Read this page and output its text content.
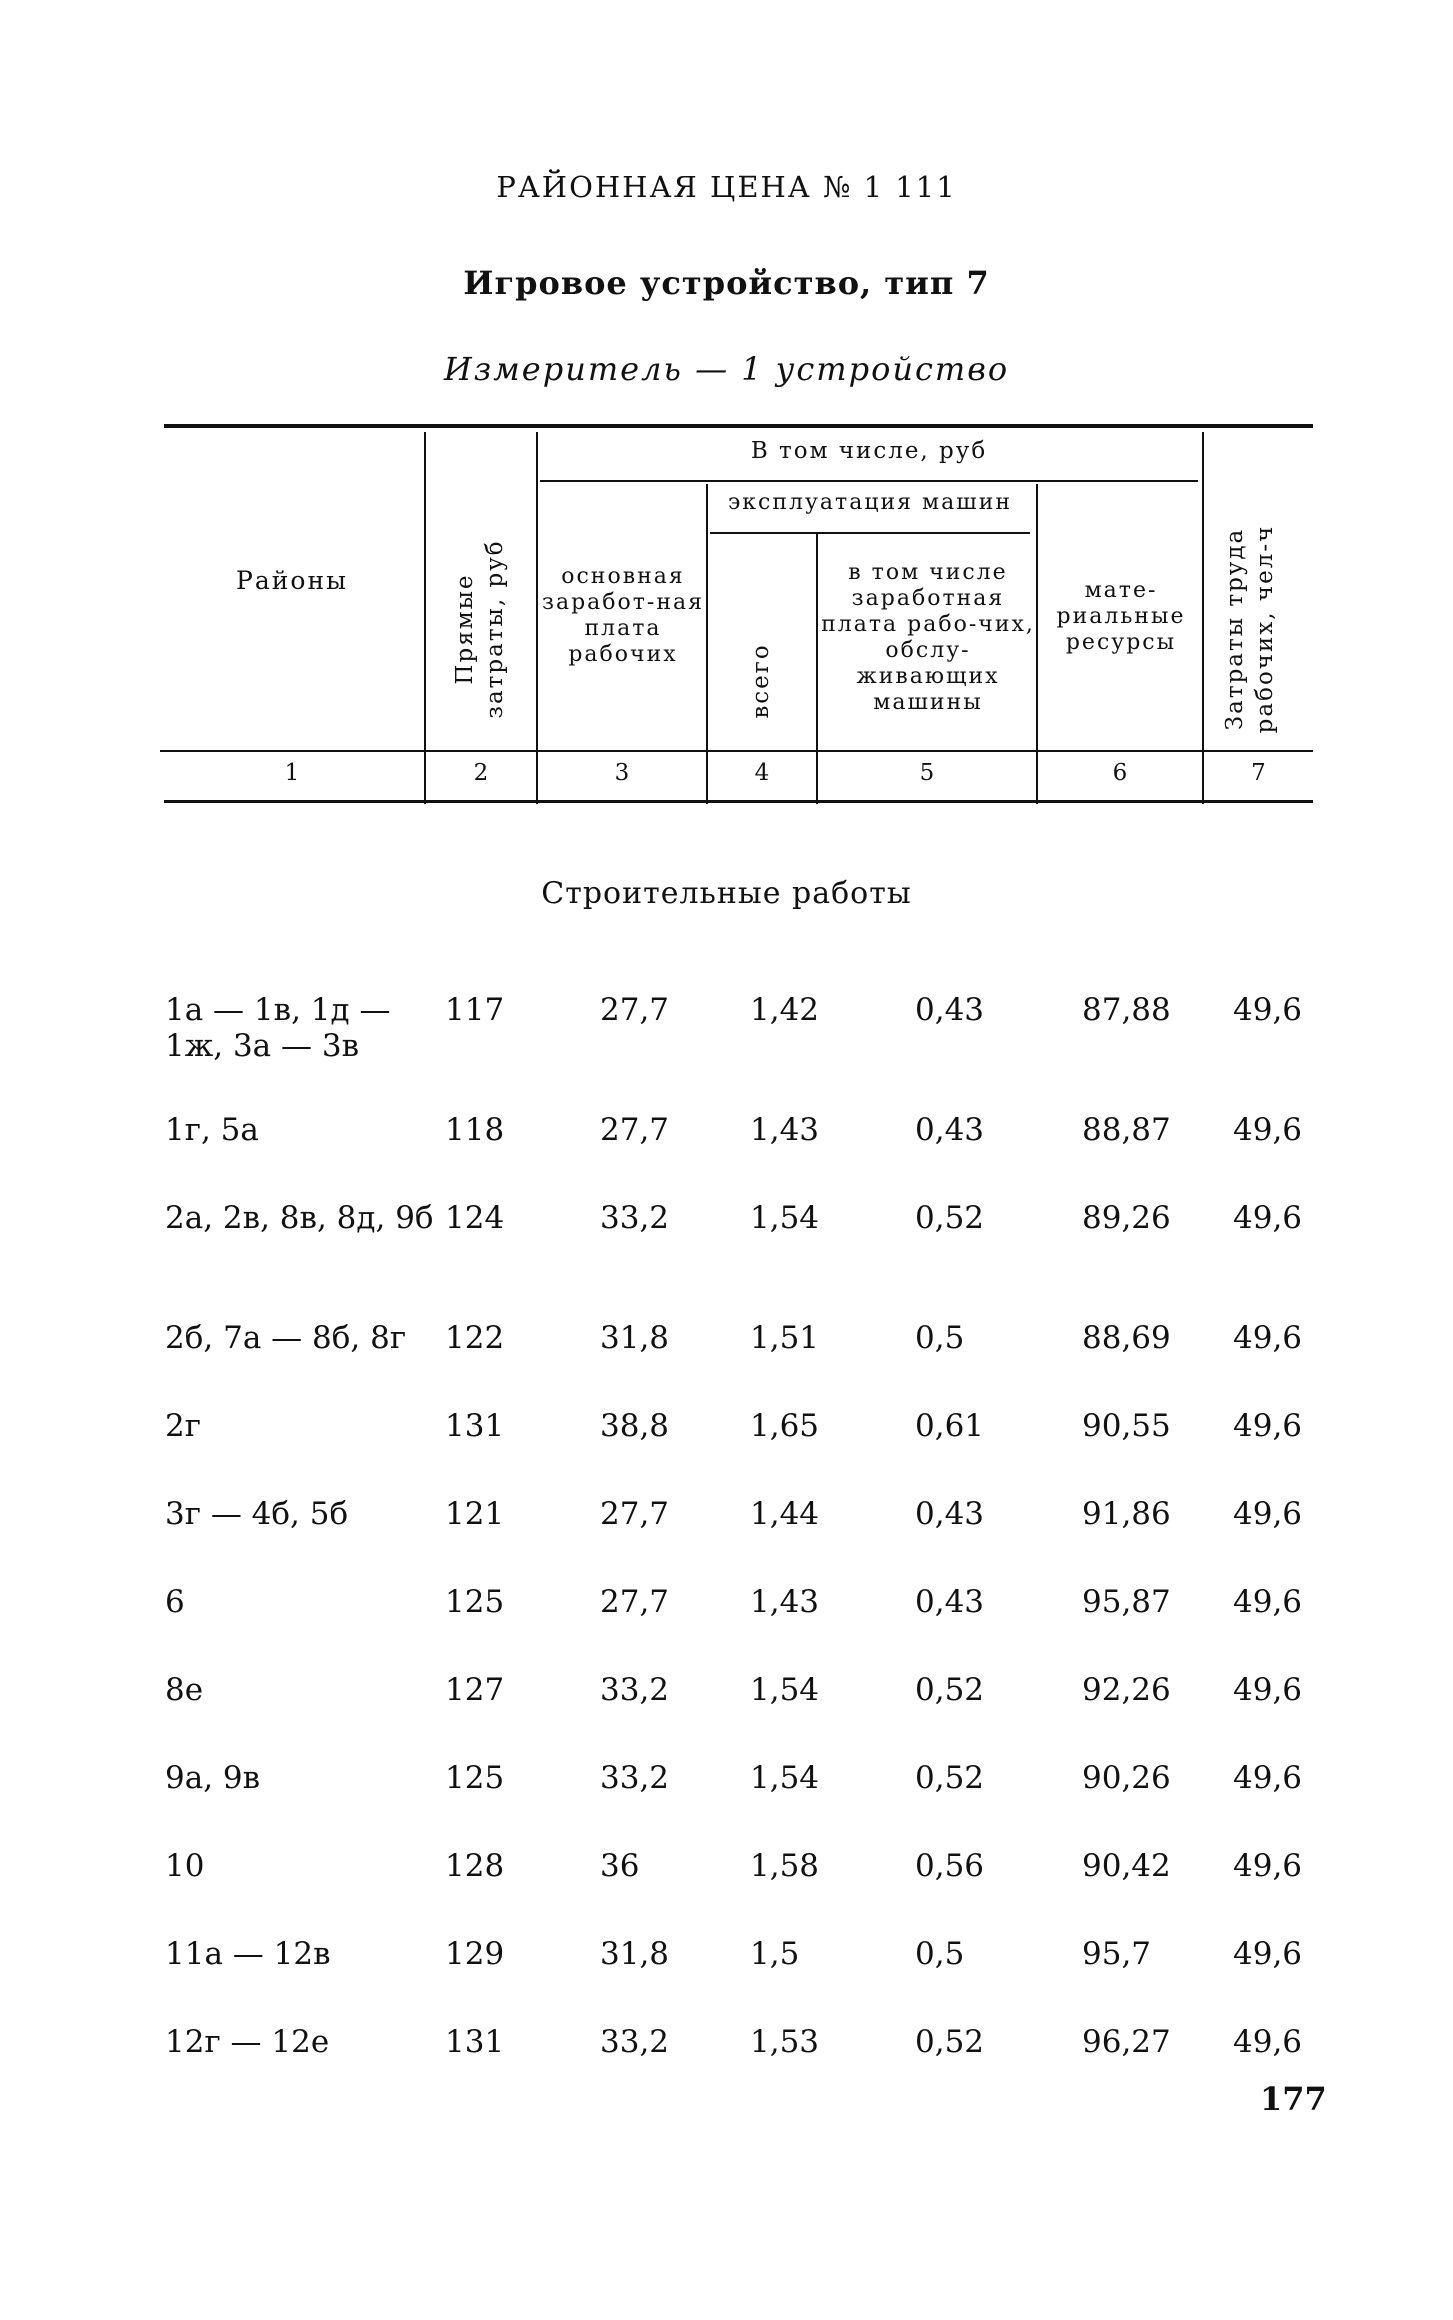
РАЙОННАЯ ЦЕНА № 1 111
Игровое устройство, тип 7
Измеритель — 1 устройство
Районы	Прямые затраты, руб
В том числе, руб
основная заработ-ная плата рабочих
эксплуатация машин
всего
в том числе заработная плата рабо-чих, обслу-живающих машины
мате-риальные ресурсы	Затраты труда рабочих, чел-ч
1	2	3	4	5	6	7
Строительные работы
1а — 1в, 1д — 1ж, 3а — 3в
117	27,7	1,42	0,43	87,88	49,6
1г, 5а	118	27,7	1,43	0,43	88,87	49,6
2а, 2в, 8в, 8д, 9б 124	33,2	1,54	0,52	89,26	49,6
2б, 7а — 8б, 8г	122	31,8	1,51	0,5	88,69	49,6
2г	131	38,8	1,65	0,61	90,55	49,6
3г — 4б, 5б	121	27,7	1,44	0,43	91,86	49,6
6	125	27,7	1,43	0,43	95,87	49,6
8е	127	33,2	1,54	0,52	92,26	49,6
9а, 9в	125	33,2	1,54	0,52	90,26	49,6
10	128	36	1,58	0,56	90,42	49,6
11а — 12в	129	31,8	1,5	0,5	95,7	49,6
12г — 12е	131	33,2	1,53	0,52	96,27	49,6
177
